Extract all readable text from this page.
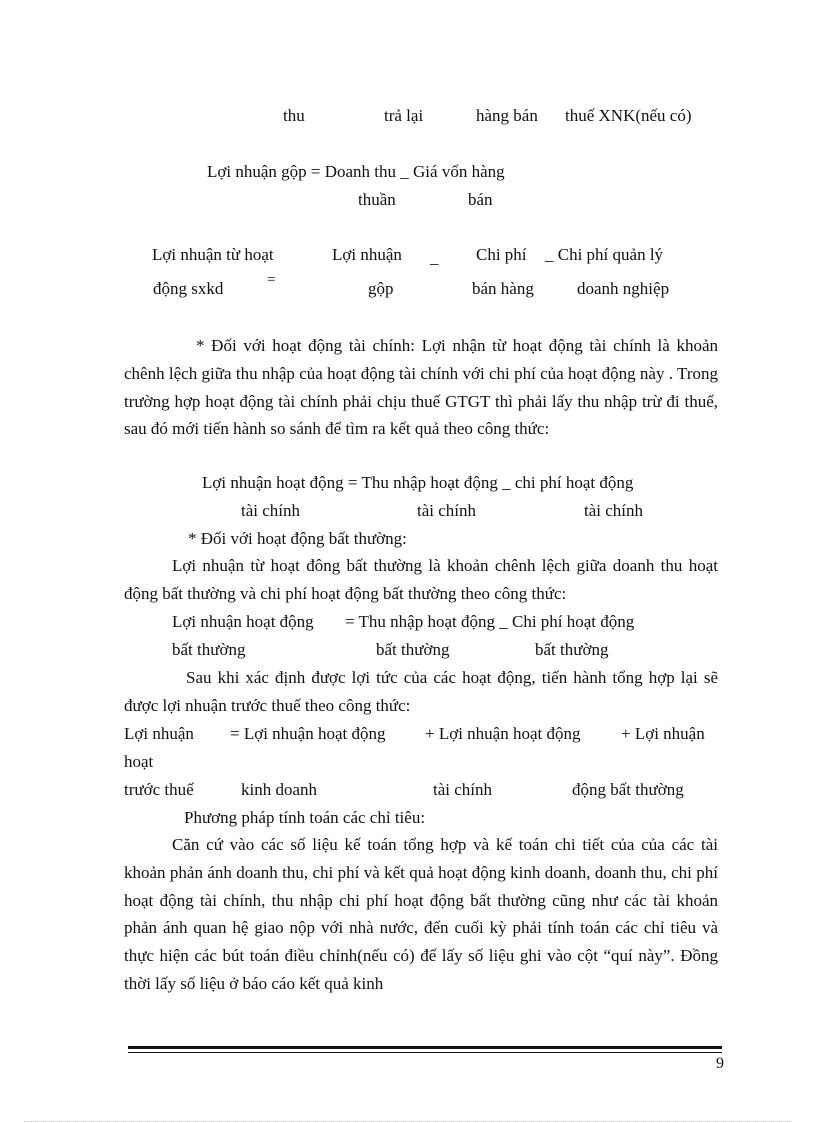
thu	trả lại	hàng bán thuế XNK(nếu có)
Lợi nhuận gộp = Doanh thu _ Giá vốn hàng
thuần	bán
Lợi nhuận từ hoạt
động sxkd	=
Lợi nhuận
gộp
_ Chi phí
bán hàng
_ Chi phí quản lý
doanh nghiệp
* Đối với hoạt động tài chính: Lợi nhận từ hoạt động tài chính là khoản chênh lệch giữa thu nhập của hoạt động tài chính với chi phí của hoạt động này . Trong trường hợp hoạt động tài chính phải chịu thuế GTGT thì phải lấy thu nhập trừ đi thuế, sau đó mới tiến hành so sánh để tìm ra kết quả theo công thức:
Lợi nhuận hoạt động = Thu nhập hoạt động _ chi phí hoạt động
tài chính	tài chính	tài chính
* Đối với hoạt động bất thường:
Lợi nhuận từ hoạt đông bất thường là khoản chênh lệch giữa doanh thu hoạt động bất thường và chi phí hoạt động bất thường theo công thức:
Lợi nhuận hoạt động = Thu nhập hoạt động _ Chi phí hoạt động
bất thường	bất thường	bất thường
Sau khi xác định được lợi tức của các hoạt động, tiến hành tổng hợp lại sẽ được lợi nhuận trước thuế theo công thức:
Lợi nhuận = Lợi nhuận hoạt động + Lợi nhuận hoạt động + Lợi nhuận
hoạt
trước thuế	kinh doanh	tài chính	động bất thường
Phương pháp tính toán các chỉ tiêu:
Căn cứ vào các số liệu kế toán tổng hợp và kế toán chi tiết của của các tài khoản phản ánh doanh thu, chi phí và kết quả hoạt động kinh doanh, doanh thu, chi phí hoạt động tài chính, thu nhập chi phí hoạt động bất thường cũng như các tài khoản phản ánh quan hệ giao nộp với nhà nước, đến cuối kỳ phải tính toán các chỉ tiêu và thực hiện các bút toán điều chỉnh(nếu có) để lấy số liệu ghi vào cột “quí này”. Đồng thời lấy số liệu ở báo cáo kết quả kinh
9
